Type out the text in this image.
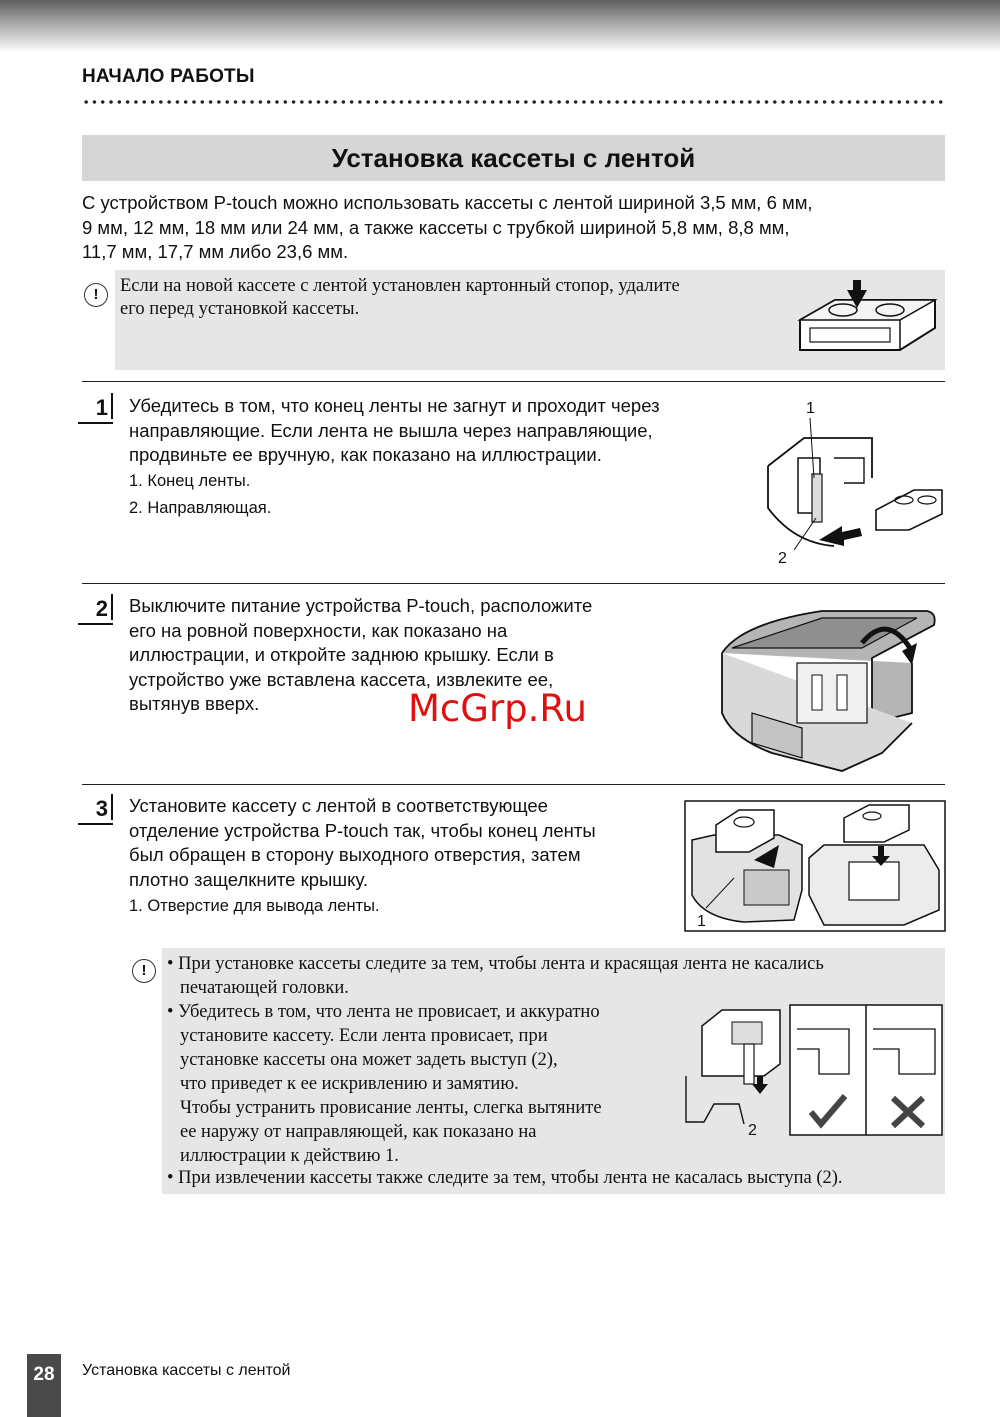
НАЧАЛО РАБОТЫ
Установка кассеты с лентой
С устройством P-touch можно использовать кассеты с лентой шириной 3,5 мм, 6 мм,
9 мм, 12 мм, 18 мм или 24 мм, а также кассеты с трубкой шириной 5,8 мм, 8,8 мм,
11,7 мм, 17,7 мм либо 23,6 мм.
!	Если на новой кассете с лентой установлен картонный стопор, удалите
его перед установкой кассеты.
1 Убедитесь в том, что конец ленты не загнут и проходит через
направляющие. Если лента не вышла через направляющие,
продвиньте ее вручную, как показано на иллюстрации.
1. Конец ленты.
2. Направляющая.
1
2
2 Выключите питание устройства P-touch, расположите
его на ровной поверхности, как показано на
иллюстрации, и откройте заднюю крышку. Если в
устройство уже вставлена кассета, извлеките ее,
вытянув вверх.	McGrp.Ru
3 Установите кассету с лентой в соответствующее
отделение устройства P-touch так, чтобы конец ленты
был обращен в сторону выходного отверстия, затем
плотно защелкните крышку.
1. Отверстие для вывода ленты.
1
!	• При установке кассеты следите за тем, чтобы лента и красящая лента не касались
печатающей головки.
• Убедитесь в том, что лента не провисает, и аккуратно
установите кассету. Если лента провисает, при
установке кассеты она может задеть выступ (2),
что приведет к ее искривлению и замятию.
Чтобы устранить провисание ленты, слегка вытяните
ее наружу от направляющей, как показано на
иллюстрации к действию 1.
• При извлечении кассеты также следите за тем, чтобы лента не касалась выступа (2).
2
28	Установка кассеты с лентой
